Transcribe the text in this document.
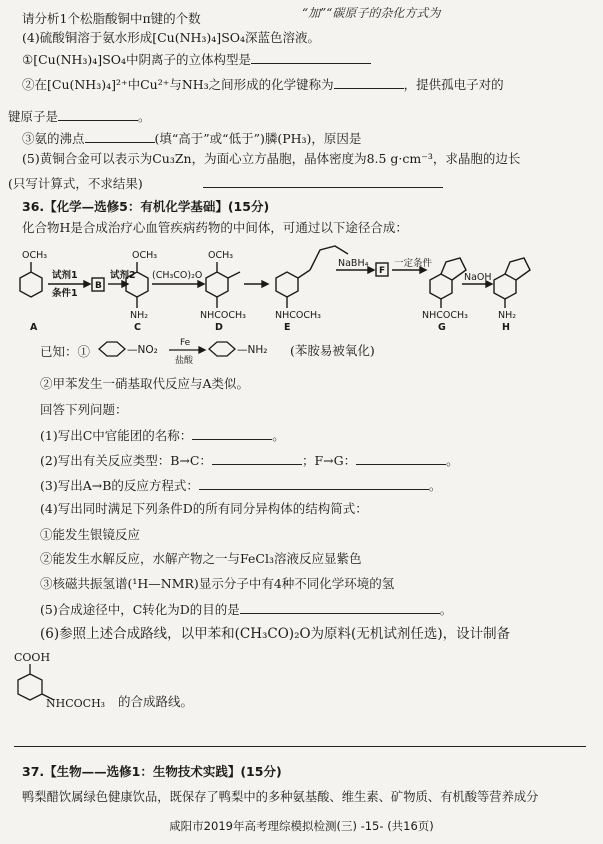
请分析1个松脂酸铜中π键的个数	“加”“碳原子的杂化方式为
(4)硫酸铜溶于氨水形成[Cu(NH₃)₄]SO₄深蓝色溶液。
①[Cu(NH₃)₄]SO₄中阴离子的立体构型是
②在[Cu(NH₃)₄]²⁺中Cu²⁺与NH₃之间形成的化学键称为	，提供孤电子对的
键原子是	。
③氨的沸点	(填“高于”或“低于”)膦(PH₃)，原因是
(5)黄铜合金可以表示为Cu₃Zn，为面心立方晶胞，晶体密度为8.5 g·cm⁻³，求晶胞的边长
(只写计算式，不求结果)
36.【化学—选修5：有机化学基础】(15分)
化合物H是合成治疗心血管疾病药物的中间体，可通过以下途径合成：
OCH₃
试剂1
条件1
B
试剂2
OCH₃
(CH₃CO)₂O
NH₂
OCH₃
NHCOCH₃	NHCOCH₃
NaBH₄
F
一定条件
NaOH
NHCOCH₃	NH₂
A	C	D	E	G	H
已知：①	—NO₂
Fe
盐酸
—NH₂ (苯胺易被氧化)
②甲苯发生一硝基取代反应与A类似。
回答下列问题：
(1)写出C中官能团的名称：	。
(2)写出有关反应类型：B→C：	；F→G：	。
(3)写出A→B的反应方程式：	。
(4)写出同时满足下列条件D的所有同分异构体的结构简式：
①能发生银镜反应
②能发生水解反应，水解产物之一与FeCl₃溶液反应显紫色
③核磁共振氢谱(¹H—NMR)显示分子中有4种不同化学环境的氢
(5)合成途径中，C转化为D的目的是	。
(6)参照上述合成路线，以甲苯和(CH₃CO)₂O为原料(无机试剂任选)，设计制备
COOH
NHCOCH₃ 的合成路线。
37.【生物——选修1：生物技术实践】(15分)
鸭梨醋饮属绿色健康饮品，既保存了鸭梨中的多种氨基酸、维生素、矿物质、有机酸等营养成分
咸阳市2019年高考理综模拟检测(三) -15- (共16页)
